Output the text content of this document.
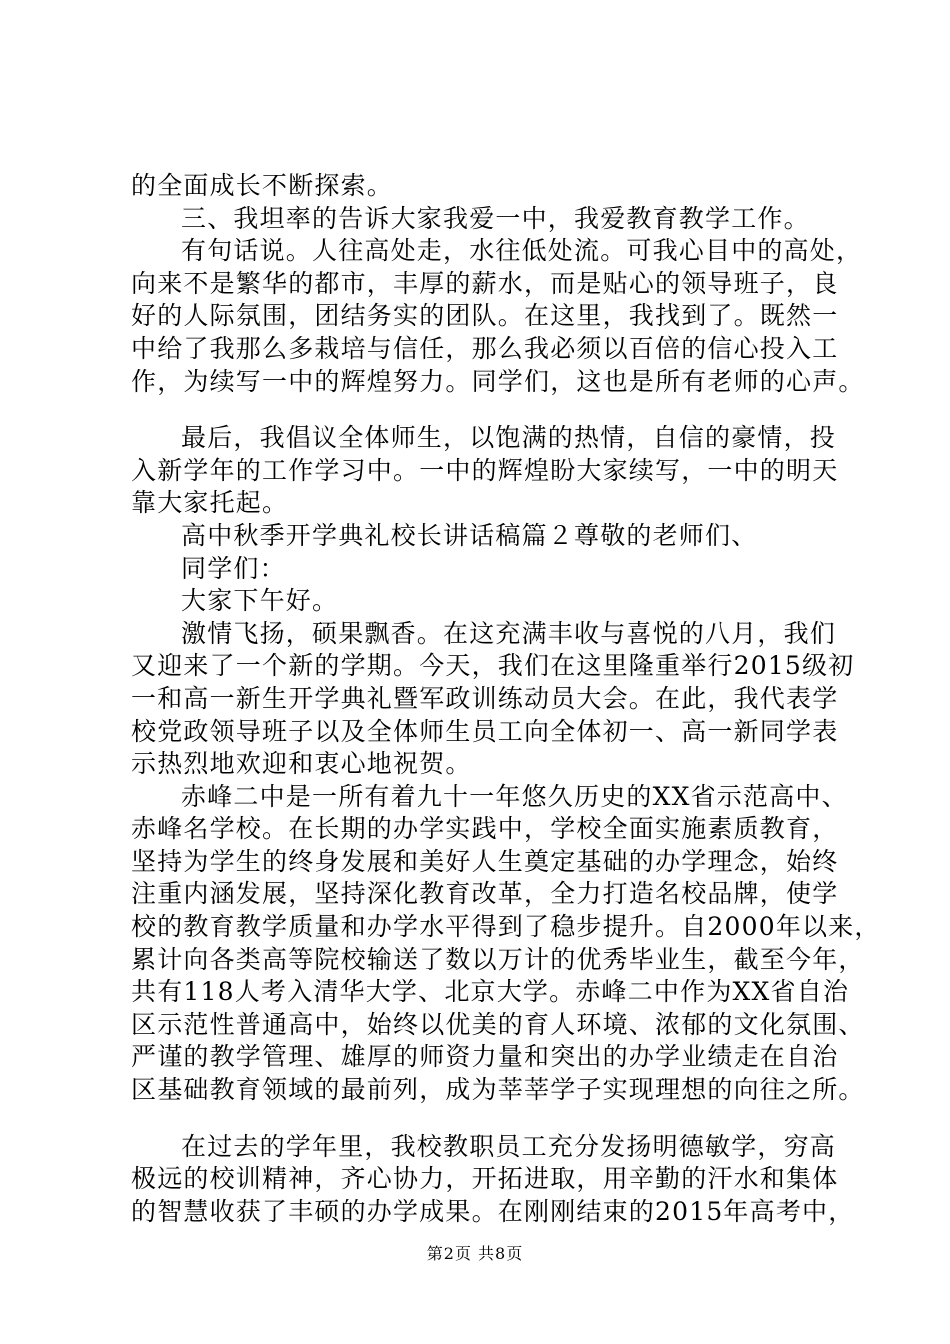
的全面成长不断探索。
三、我坦率的告诉大家我爱一中，我爱教育教学工作。
有句话说。人往高处走，水往低处流。可我心目中的高处，
向来不是繁华的都市，丰厚的薪水，而是贴心的领导班子，良
好的人际氛围，团结务实的团队。在这里，我找到了。既然一
中给了我那么多栽培与信任，那么我必须以百倍的信心投入工
作，为续写一中的辉煌努力。同学们，这也是所有老师的心声。
最后，我倡议全体师生，以饱满的热情，自信的豪情，投
入新学年的工作学习中。一中的辉煌盼大家续写，一中的明天
靠大家托起。
高中秋季开学典礼校长讲话稿篇２尊敬的老师们、
同学们：
大家下午好。
激情飞扬，硕果飘香。在这充满丰收与喜悦的八月，我们
又迎来了一个新的学期。今天，我们在这里隆重举行2015级初
一和高一新生开学典礼暨军政训练动员大会。在此，我代表学
校党政领导班子以及全体师生员工向全体初一、高一新同学表
示热烈地欢迎和衷心地祝贺。
赤峰二中是一所有着九十一年悠久历史的XX省示范高中、
赤峰名学校。在长期的办学实践中，学校全面实施素质教育，
坚持为学生的终身发展和美好人生奠定基础的办学理念，始终
注重内涵发展，坚持深化教育改革，全力打造名校品牌，使学
校的教育教学质量和办学水平得到了稳步提升。自2000年以来，
累计向各类高等院校输送了数以万计的优秀毕业生，截至今年，
共有118人考入清华大学、北京大学。赤峰二中作为XX省自治
区示范性普通高中，始终以优美的育人环境、浓郁的文化氛围、
严谨的教学管理、雄厚的师资力量和突出的办学业绩走在自治
区基础教育领域的最前列，成为莘莘学子实现理想的向往之所。
在过去的学年里，我校教职员工充分发扬明德敏学，穷高
极远的校训精神，齐心协力，开拓进取，用辛勤的汗水和集体
的智慧收获了丰硕的办学成果。在刚刚结束的2015年高考中，
第2页 共8页
